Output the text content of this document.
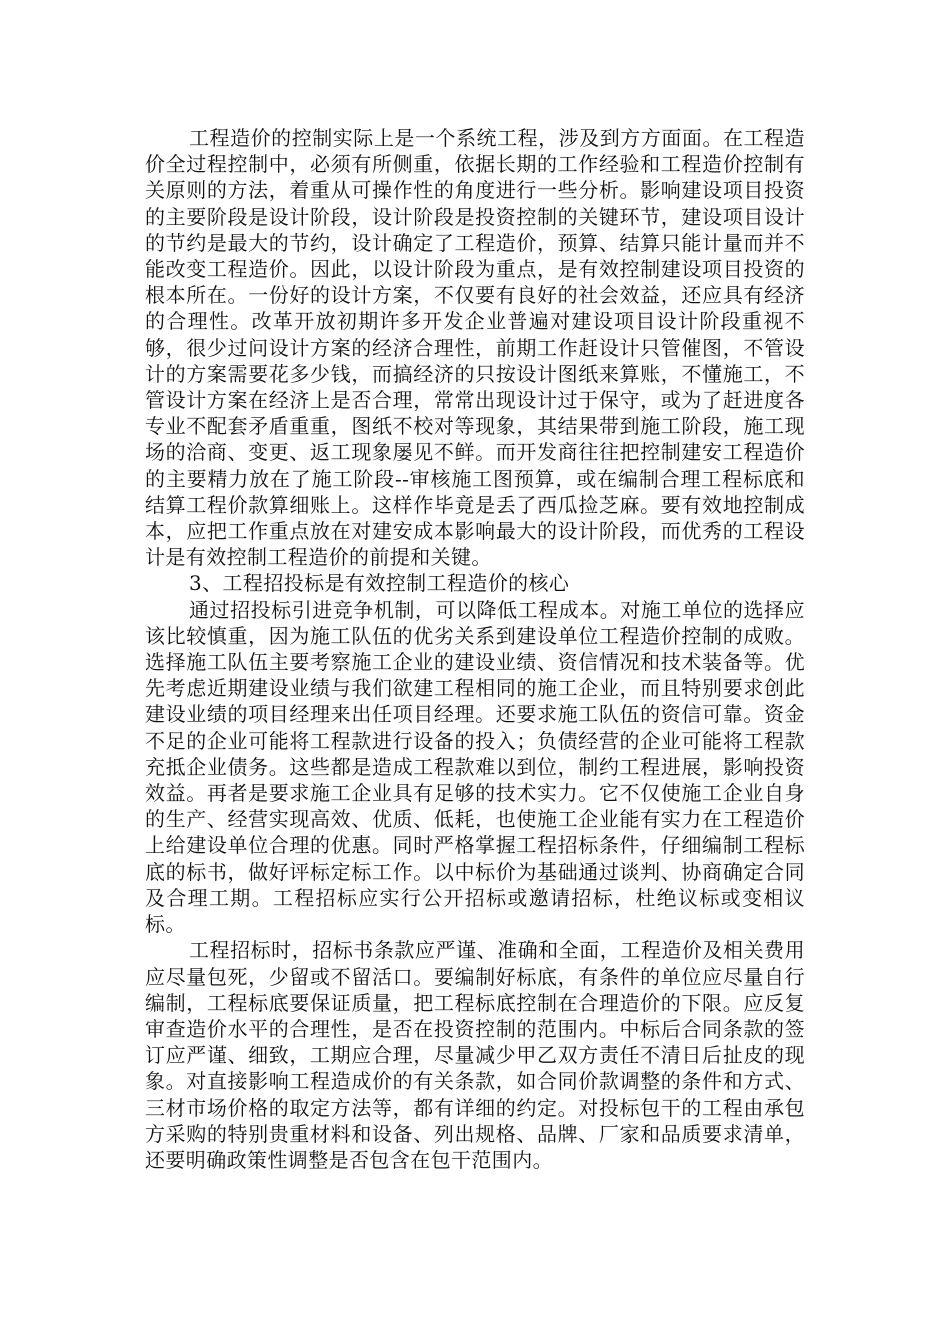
工程造价的控制实际上是一个系统工程，涉及到方方面面。在工程造价全过程控制中，必须有所侧重，依据长期的工作经验和工程造价控制有关原则的方法，着重从可操作性的角度进行一些分析。影响建设项目投资的主要阶段是设计阶段，设计阶段是投资控制的关键环节，建设项目设计的节约是最大的节约，设计确定了工程造价，预算、结算只能计量而并不能改变工程造价。因此，以设计阶段为重点，是有效控制建设项目投资的根本所在。一份好的设计方案，不仅要有良好的社会效益，还应具有经济的合理性。改革开放初期许多开发企业普遍对建设项目设计阶段重视不够，很少过问设计方案的经济合理性，前期工作赶设计只管催图，不管设计的方案需要花多少钱，而搞经济的只按设计图纸来算账，不懂施工，不管设计方案在经济上是否合理，常常出现设计过于保守，或为了赶进度各专业不配套矛盾重重，图纸不校对等现象，其结果带到施工阶段，施工现场的洽商、变更、返工现象屡见不鲜。而开发商往往把控制建安工程造价的主要精力放在了施工阶段--审核施工图预算，或在编制合理工程标底和结算工程价款算细账上。这样作毕竟是丢了西瓜捡芝麻。要有效地控制成本，应把工作重点放在对建安成本影响最大的设计阶段，而优秀的工程设计是有效控制工程造价的前提和关键。

3、工程招投标是有效控制工程造价的核心

通过招投标引进竞争机制，可以降低工程成本。对施工单位的选择应该比较慎重，因为施工队伍的优劣关系到建设单位工程造价控制的成败。选择施工队伍主要考察施工企业的建设业绩、资信情况和技术装备等。优先考虑近期建设业绩与我们欲建工程相同的施工企业，而且特别要求创此建设业绩的项目经理来出任项目经理。还要求施工队伍的资信可靠。资金不足的企业可能将工程款进行设备的投入；负债经营的企业可能将工程款充抵企业债务。这些都是造成工程款难以到位，制约工程进展，影响投资效益。再者是要求施工企业具有足够的技术实力。它不仅使施工企业自身的生产、经营实现高效、优质、低耗，也使施工企业能有实力在工程造价上给建设单位合理的优惠。同时严格掌握工程招标条件，仔细编制工程标底的标书，做好评标定标工作。以中标价为基础通过谈判、协商确定合同及合理工期。工程招标应实行公开招标或邀请招标，杜绝议标或变相议标。

工程招标时，招标书条款应严谨、准确和全面，工程造价及相关费用应尽量包死，少留或不留活口。要编制好标底，有条件的单位应尽量自行编制，工程标底要保证质量，把工程标底控制在合理造价的下限。应反复审查造价水平的合理性，是否在投资控制的范围内。中标后合同条款的签订应严谨、细致，工期应合理，尽量减少甲乙双方责任不清日后扯皮的现象。对直接影响工程造成价的有关条款，如合同价款调整的条件和方式、三材市场价格的取定方法等，都有详细的约定。对投标包干的工程由承包方采购的特别贵重材料和设备、列出规格、品牌、厂家和品质要求清单，还要明确政策性调整是否包含在包干范围内。
